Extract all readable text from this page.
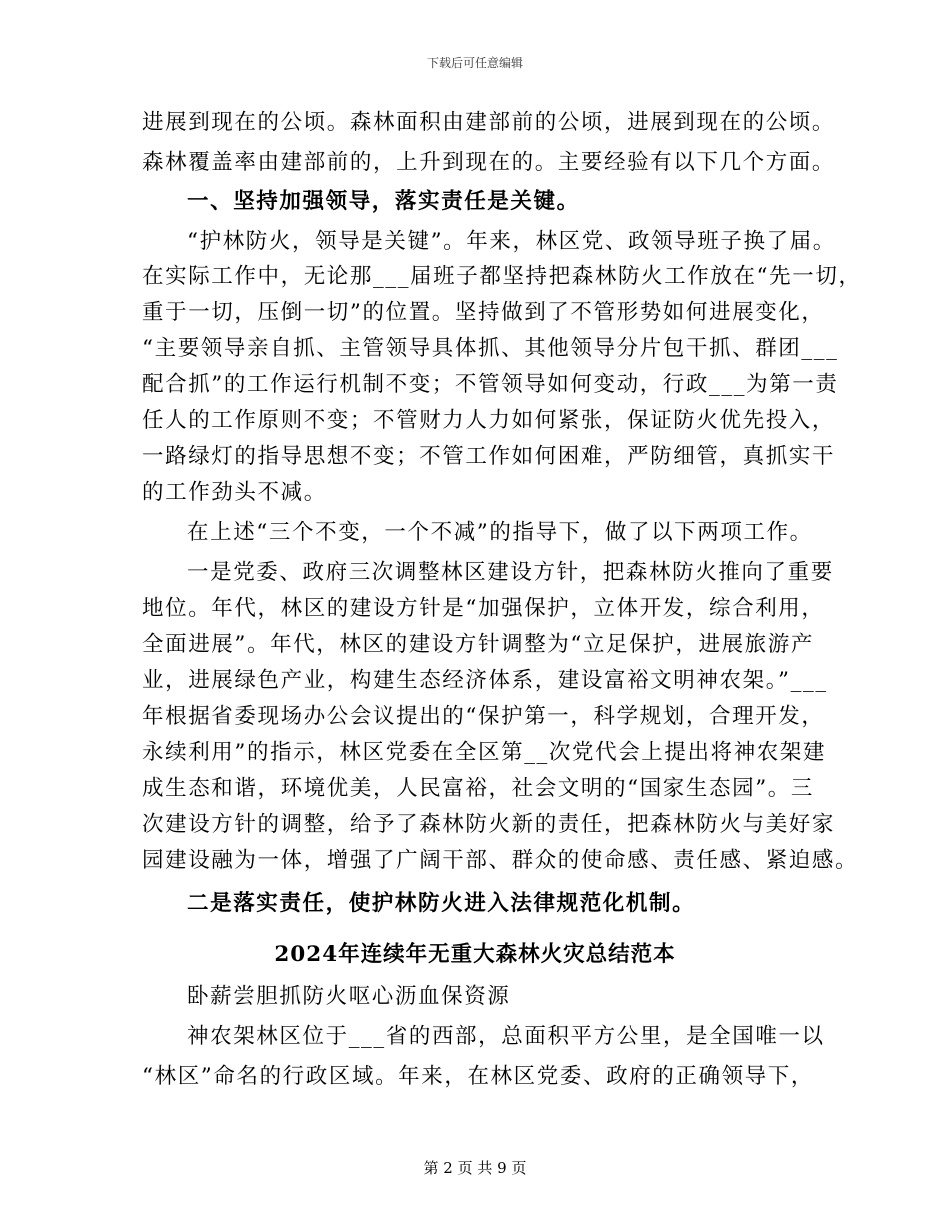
下载后可任意编辑
进展到现在的公顷。森林面积由建部前的公顷，进展到现在的公顷。
森林覆盖率由建部前的，上升到现在的。主要经验有以下几个方面。
一、坚持加强领导，落实责任是关键。
“护林防火，领导是关键”。年来，林区党、政领导班子换了届。
在实际工作中，无论那___届班子都坚持把森林防火工作放在“先一切，
重于一切，压倒一切”的位置。坚持做到了不管形势如何进展变化，
“主要领导亲自抓、主管领导具体抓、其他领导分片包干抓、群团___
配合抓”的工作运行机制不变；不管领导如何变动，行政___为第一责
任人的工作原则不变；不管财力人力如何紧张，保证防火优先投入，
一路绿灯的指导思想不变；不管工作如何困难，严防细管，真抓实干
的工作劲头不减。
在上述“三个不变，一个不减”的指导下，做了以下两项工作。
一是党委、政府三次调整林区建设方针，把森林防火推向了重要
地位。年代，林区的建设方针是“加强保护，立体开发，综合利用，
全面进展”。年代，林区的建设方针调整为“立足保护，进展旅游产
业，进展绿色产业，构建生态经济体系，建设富裕文明神农架。”___
年根据省委现场办公会议提出的“保护第一，科学规划，合理开发，
永续利用”的指示，林区党委在全区第__次党代会上提出将神农架建
成生态和谐，环境优美，人民富裕，社会文明的“国家生态园”。三
次建设方针的调整，给予了森林防火新的责任，把森林防火与美好家
园建设融为一体，增强了广阔干部、群众的使命感、责任感、紧迫感。
二是落实责任，使护林防火进入法律规范化机制。
2024年连续年无重大森林火灾总结范本
卧薪尝胆抓防火呕心沥血保资源
神农架林区位于___省的西部，总面积平方公里，是全国唯一以
“林区”命名的行政区域。年来，在林区党委、政府的正确领导下，
第 2 页 共 9 页
